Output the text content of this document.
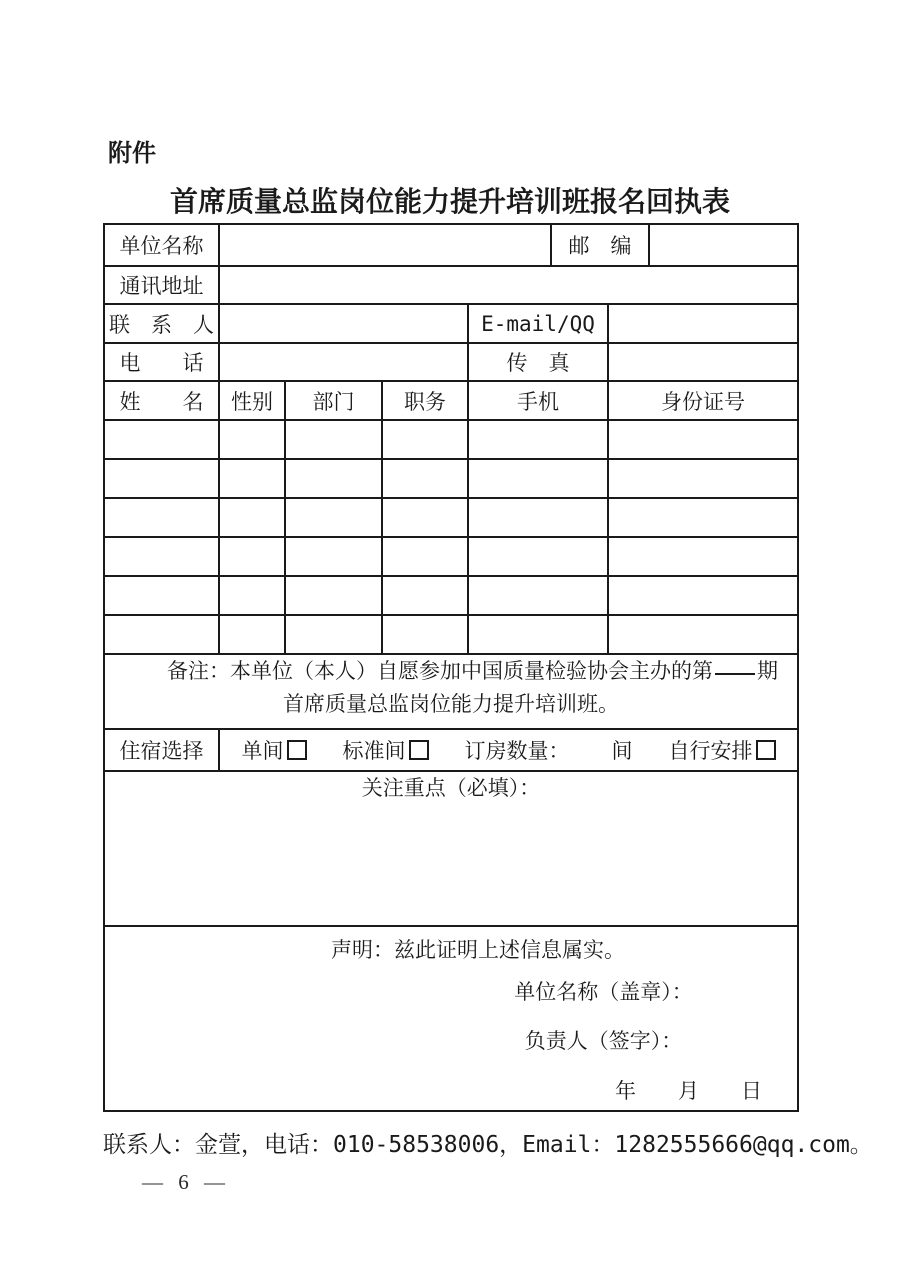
附件
首席质量总监岗位能力提升培训班报名回执表
单位名称					邮　编		
通讯地址							
联　系　人				E-mail/QQ			
电　　话				传　真			
姓　　名	性别	部门	职务	手机		身份证号	

备注：本单位（本人）自愿参加中国质量检验协会主办的第 期
首席质量总监岗位能力提升培训班。							

住宿选择	单间 标准间 订房数量： 间 自行安排						
关注重点（必填）：							

声明：兹此证明上述信息属实。
单位名称（盖章）：
负责人（签字）：
年　　月　　日							
联系人：金萱，电话：010-58538006，Email：1282555666@qq.com。
— 6 —
